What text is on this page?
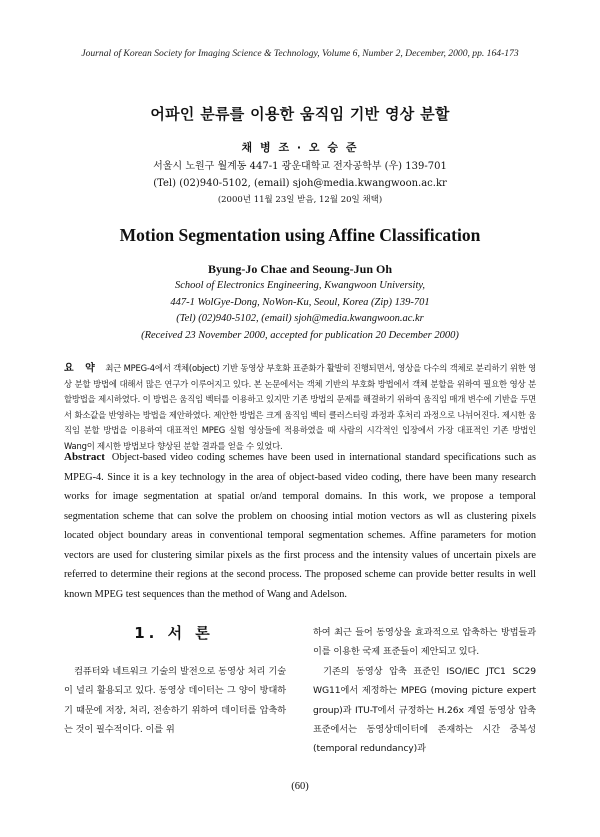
Journal of Korean Society for Imaging Science & Technology, Volume 6, Number 2, December, 2000, pp. 164-173
어파인 분류를 이용한 움직임 기반 영상 분할
채 병 조 · 오 승 준
서울시 노원구 월계동 447-1 광운대학교 전자공학부 (우) 139-701
(Tel) (02)940-5102, (email) sjoh@media.kwangwoon.ac.kr
(2000년 11월 23일 받음, 12월 20일 채택)
Motion Segmentation using Affine Classification
Byung-Jo Chae and Seoung-Jun Oh
School of Electronics Engineering, Kwangwoon University,
447-1 WolGye-Dong, NoWon-Ku, Seoul, Korea (Zip) 139-701
(Tel) (02)940-5102, (email) sjoh@media.kwangwoon.ac.kr
(Received 23 November 2000, accepted for publication 20 December 2000)
요 약 최근 MPEG-4에서 객체(object) 기반 동영상 부호화 표준화가 활발히 진행되면서, 영상을 다수의 객체로 분리하기 위한 영상 분할 방법에 대해서 많은 연구가 이루어지고 있다. 본 논문에서는 객체 기반의 부호화 방법에서 객체 분할을 위하여 필요한 영상 분할방법을 제시하였다. 이 방법은 움직임 벡터를 이용하고 있지만 기존 방법의 문제를 해결하기 위하여 움직임 매개 변수에 기반을 두면서 화소값을 반영하는 방법을 제안하였다. 제안한 방법은 크게 움직임 벡터 클러스터링 과정과 후처리 과정으로 나뉘어진다. 제시한 움직임 분할 방법을 이용하여 대표적인 MPEG 실험 영상들에 적용하였을 때 사람의 시각적인 입장에서 가장 대표적인 기존 방법인 Wang이 제시한 방법보다 향상된 분할 결과를 얻을 수 있었다.
Abstract Object-based video coding schemes have been used in international standard specifications such as MPEG-4. Since it is a key technology in the area of object-based video coding, there have been many research works for image segmentation at spatial or/and temporal domains. In this work, we propose a temporal segmentation scheme that can solve the problem on choosing intial motion vectors as wll as clustering pixels located object boundary areas in conventional temporal segmentation schemes. Affine parameters for motion vectors are used for clustering similar pixels as the first process and the intensity values of uncertain pixels are referred to determine their regions at the second process. The proposed scheme can provide better results in well known MPEG test sequences than the method of Wang and Adelson.
1. 서 론

컴퓨터와 네트워크 기술의 발전으로 동영상 처리 기술이 널리 활용되고 있다. 동영상 데이터는 그 양이 방대하기 때문에 저장, 처리, 전송하기 위하여 데이터를 압축하는 것이 필수적이다. 이를 위

하여 최근 들어 동영상을 효과적으로 압축하는 방법들과 이를 이용한 국제 표준들이 제안되고 있다.

기존의 동영상 압축 표준인 ISO/IEC JTC1 SC29 WG11에서 제정하는 MPEG (moving picture expert group)과 ITU-T에서 규정하는 H.26x 계열 동영상 압축 표준에서는 동영상데이터에 존재하는 시간 중복성(temporal redundancy)과

(60)
